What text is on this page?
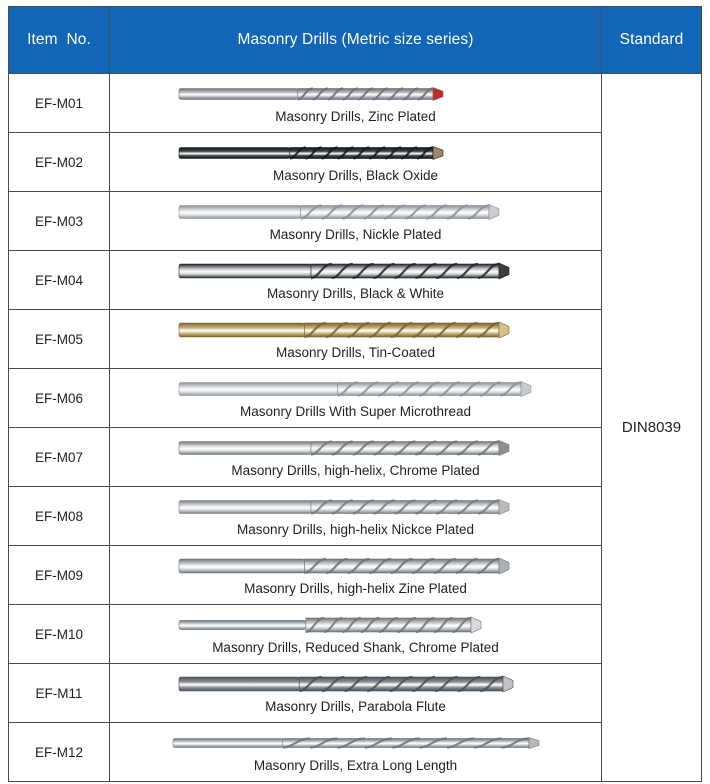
Item  No.	Masonry Drills (Metric size series)	Standard
EF-M01	Masonry Drills, Zinc Plated	DIN8039
EF-M02	Masonry Drills, Black Oxide	

EF-M03	Masonry Drills, Nickle Plated	

EF-M04	Masonry Drills, Black & White	

EF-M05	Masonry Drills, Tin-Coated	

EF-M06	Masonry Drills With Super Microthread	

EF-M07	Masonry Drills, high-helix, Chrome Plated	

EF-M08	Masonry Drills, high-helix Nickce Plated	

EF-M09	Masonry Drills, high-helix Zine Plated	

EF-M10	Masonry Drills, Reduced Shank, Chrome Plated	

EF-M11	Masonry Drills, Parabola Flute	

EF-M12	Masonry Drills, Extra Long Length	
